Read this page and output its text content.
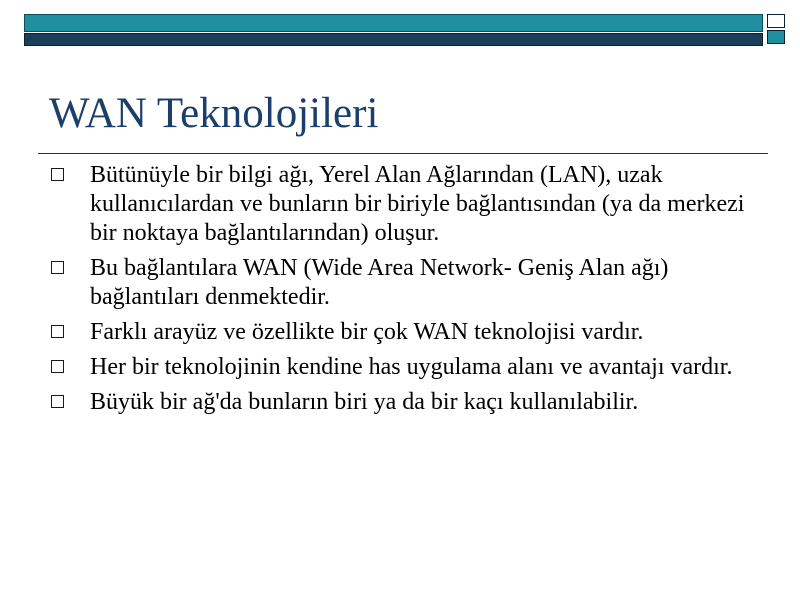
WAN Teknolojileri
Bütünüyle bir bilgi ağı, Yerel Alan Ağlarından (LAN), uzak kullanıcılardan ve bunların bir biriyle bağlantısından (ya da merkezi bir noktaya bağlantılarından) oluşur.
Bu bağlantılara WAN (Wide Area Network- Geniş Alan ağı) bağlantıları denmektedir.
Farklı arayüz ve özellikte bir çok WAN teknolojisi vardır.
Her bir teknolojinin kendine has uygulama alanı ve avantajı vardır.
Büyük bir ağ'da bunların biri ya da bir kaçı kullanılabilir.
